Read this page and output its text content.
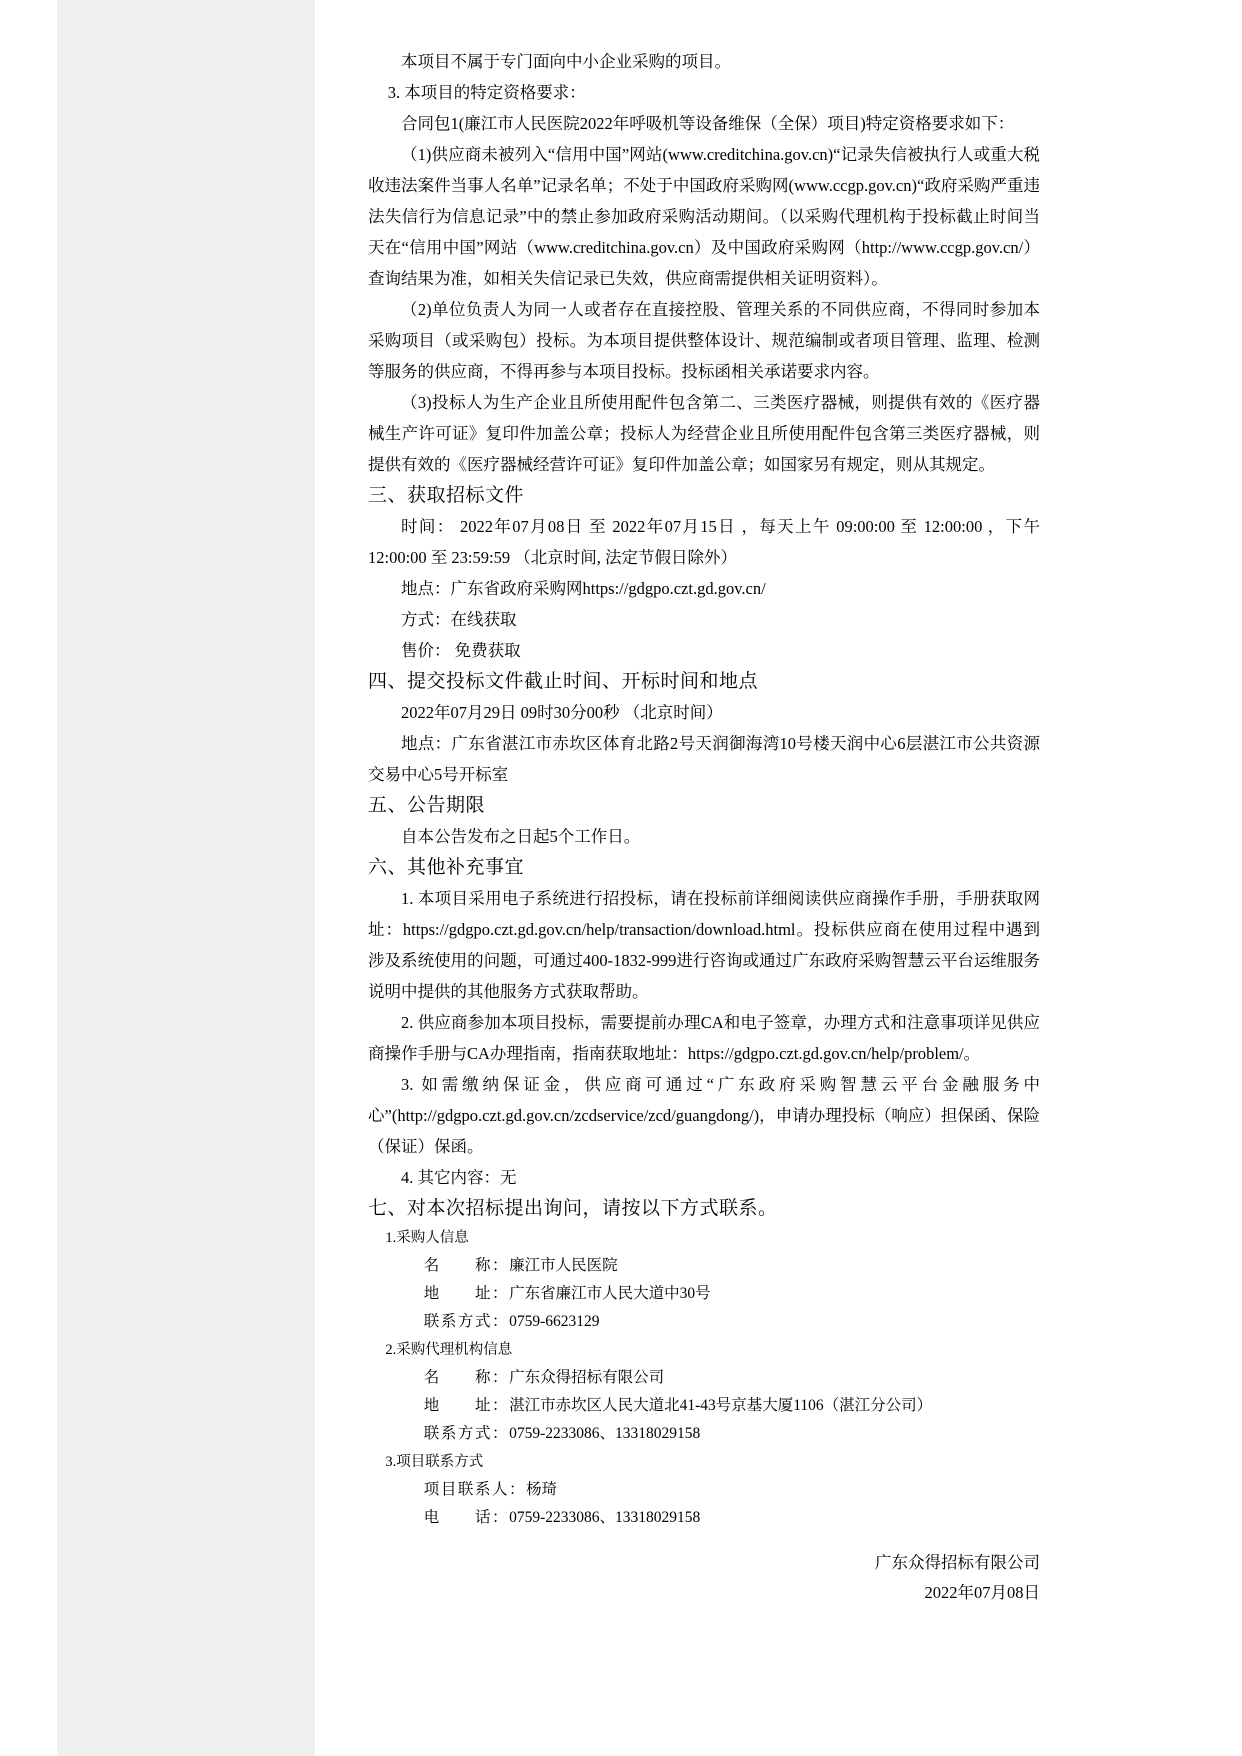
本项目不属于专门面向中小企业采购的项目。

3. 本项目的特定资格要求：

合同包1(廉江市人民医院2022年呼吸机等设备维保（全保）项目)特定资格要求如下：

（1)供应商未被列入“信用中国”网站(www.creditchina.gov.cn)“记录失信被执行人或重大税收违法案件当事人名单”记录名单；不处于中国政府采购网(www.ccgp.gov.cn)“政府采购严重违法失信行为信息记录”中的禁止参加政府采购活动期间。（以采购代理机构于投标截止时间当天在“信用中国”网站（www.creditchina.gov.cn）及中国政府采购网（http://www.ccgp.gov.cn/）查询结果为准，如相关失信记录已失效，供应商需提供相关证明资料）。

（2)单位负责人为同一人或者存在直接控股、管理关系的不同供应商，不得同时参加本采购项目（或采购包）投标。为本项目提供整体设计、规范编制或者项目管理、监理、检测等服务的供应商，不得再参与本项目投标。投标函相关承诺要求内容。

（3)投标人为生产企业且所使用配件包含第二、三类医疗器械，则提供有效的《医疗器械生产许可证》复印件加盖公章；投标人为经营企业且所使用配件包含第三类医疗器械，则提供有效的《医疗器械经营许可证》复印件加盖公章；如国家另有规定，则从其规定。

三、获取招标文件

时间： 2022年07月08日 至 2022年07月15日 ，每天上午 09:00:00 至 12:00:00 ，下午 12:00:00 至 23:59:59 （北京时间, 法定节假日除外）

地点：广东省政府采购网https://gdgpo.czt.gd.gov.cn/

方式：在线获取

售价： 免费获取

四、提交投标文件截止时间、开标时间和地点

2022年07月29日 09时30分00秒 （北京时间）

地点：广东省湛江市赤坎区体育北路2号天润御海湾10号楼天润中心6层湛江市公共资源交易中心5号开标室

五、公告期限

自本公告发布之日起5个工作日。

六、其他补充事宜

1. 本项目采用电子系统进行招投标，请在投标前详细阅读供应商操作手册，手册获取网址：https://gdgpo.czt.gd.gov.cn/help/transaction/download.html。投标供应商在使用过程中遇到涉及系统使用的问题，可通过400-1832-999进行咨询或通过广东政府采购智慧云平台运维服务说明中提供的其他服务方式获取帮助。

2. 供应商参加本项目投标，需要提前办理CA和电子签章，办理方式和注意事项详见供应商操作手册与CA办理指南，指南获取地址：https://gdgpo.czt.gd.gov.cn/help/problem/。

3. 如需缴纳保证金，供应商可通过“广东政府采购智慧云平台金融服务中心”(http://gdgpo.czt.gd.gov.cn/zcdservice/zcd/guangdong/)，申请办理投标（响应）担保函、保险（保证）保函。

4. 其它内容：无

七、对本次招标提出询问，请按以下方式联系。

1.采购人信息

名　　称：廉江市人民医院

地　　址：广东省廉江市人民大道中30号

联系方式：0759-6623129

2.采购代理机构信息

名　　称：广东众得招标有限公司

地　　址：湛江市赤坎区人民大道北41-43号京基大厦1106（湛江分公司）

联系方式：0759-2233086、13318029158

3.项目联系方式

项目联系人：杨琦

电　　话：0759-2233086、13318029158

广东众得招标有限公司

2022年07月08日
